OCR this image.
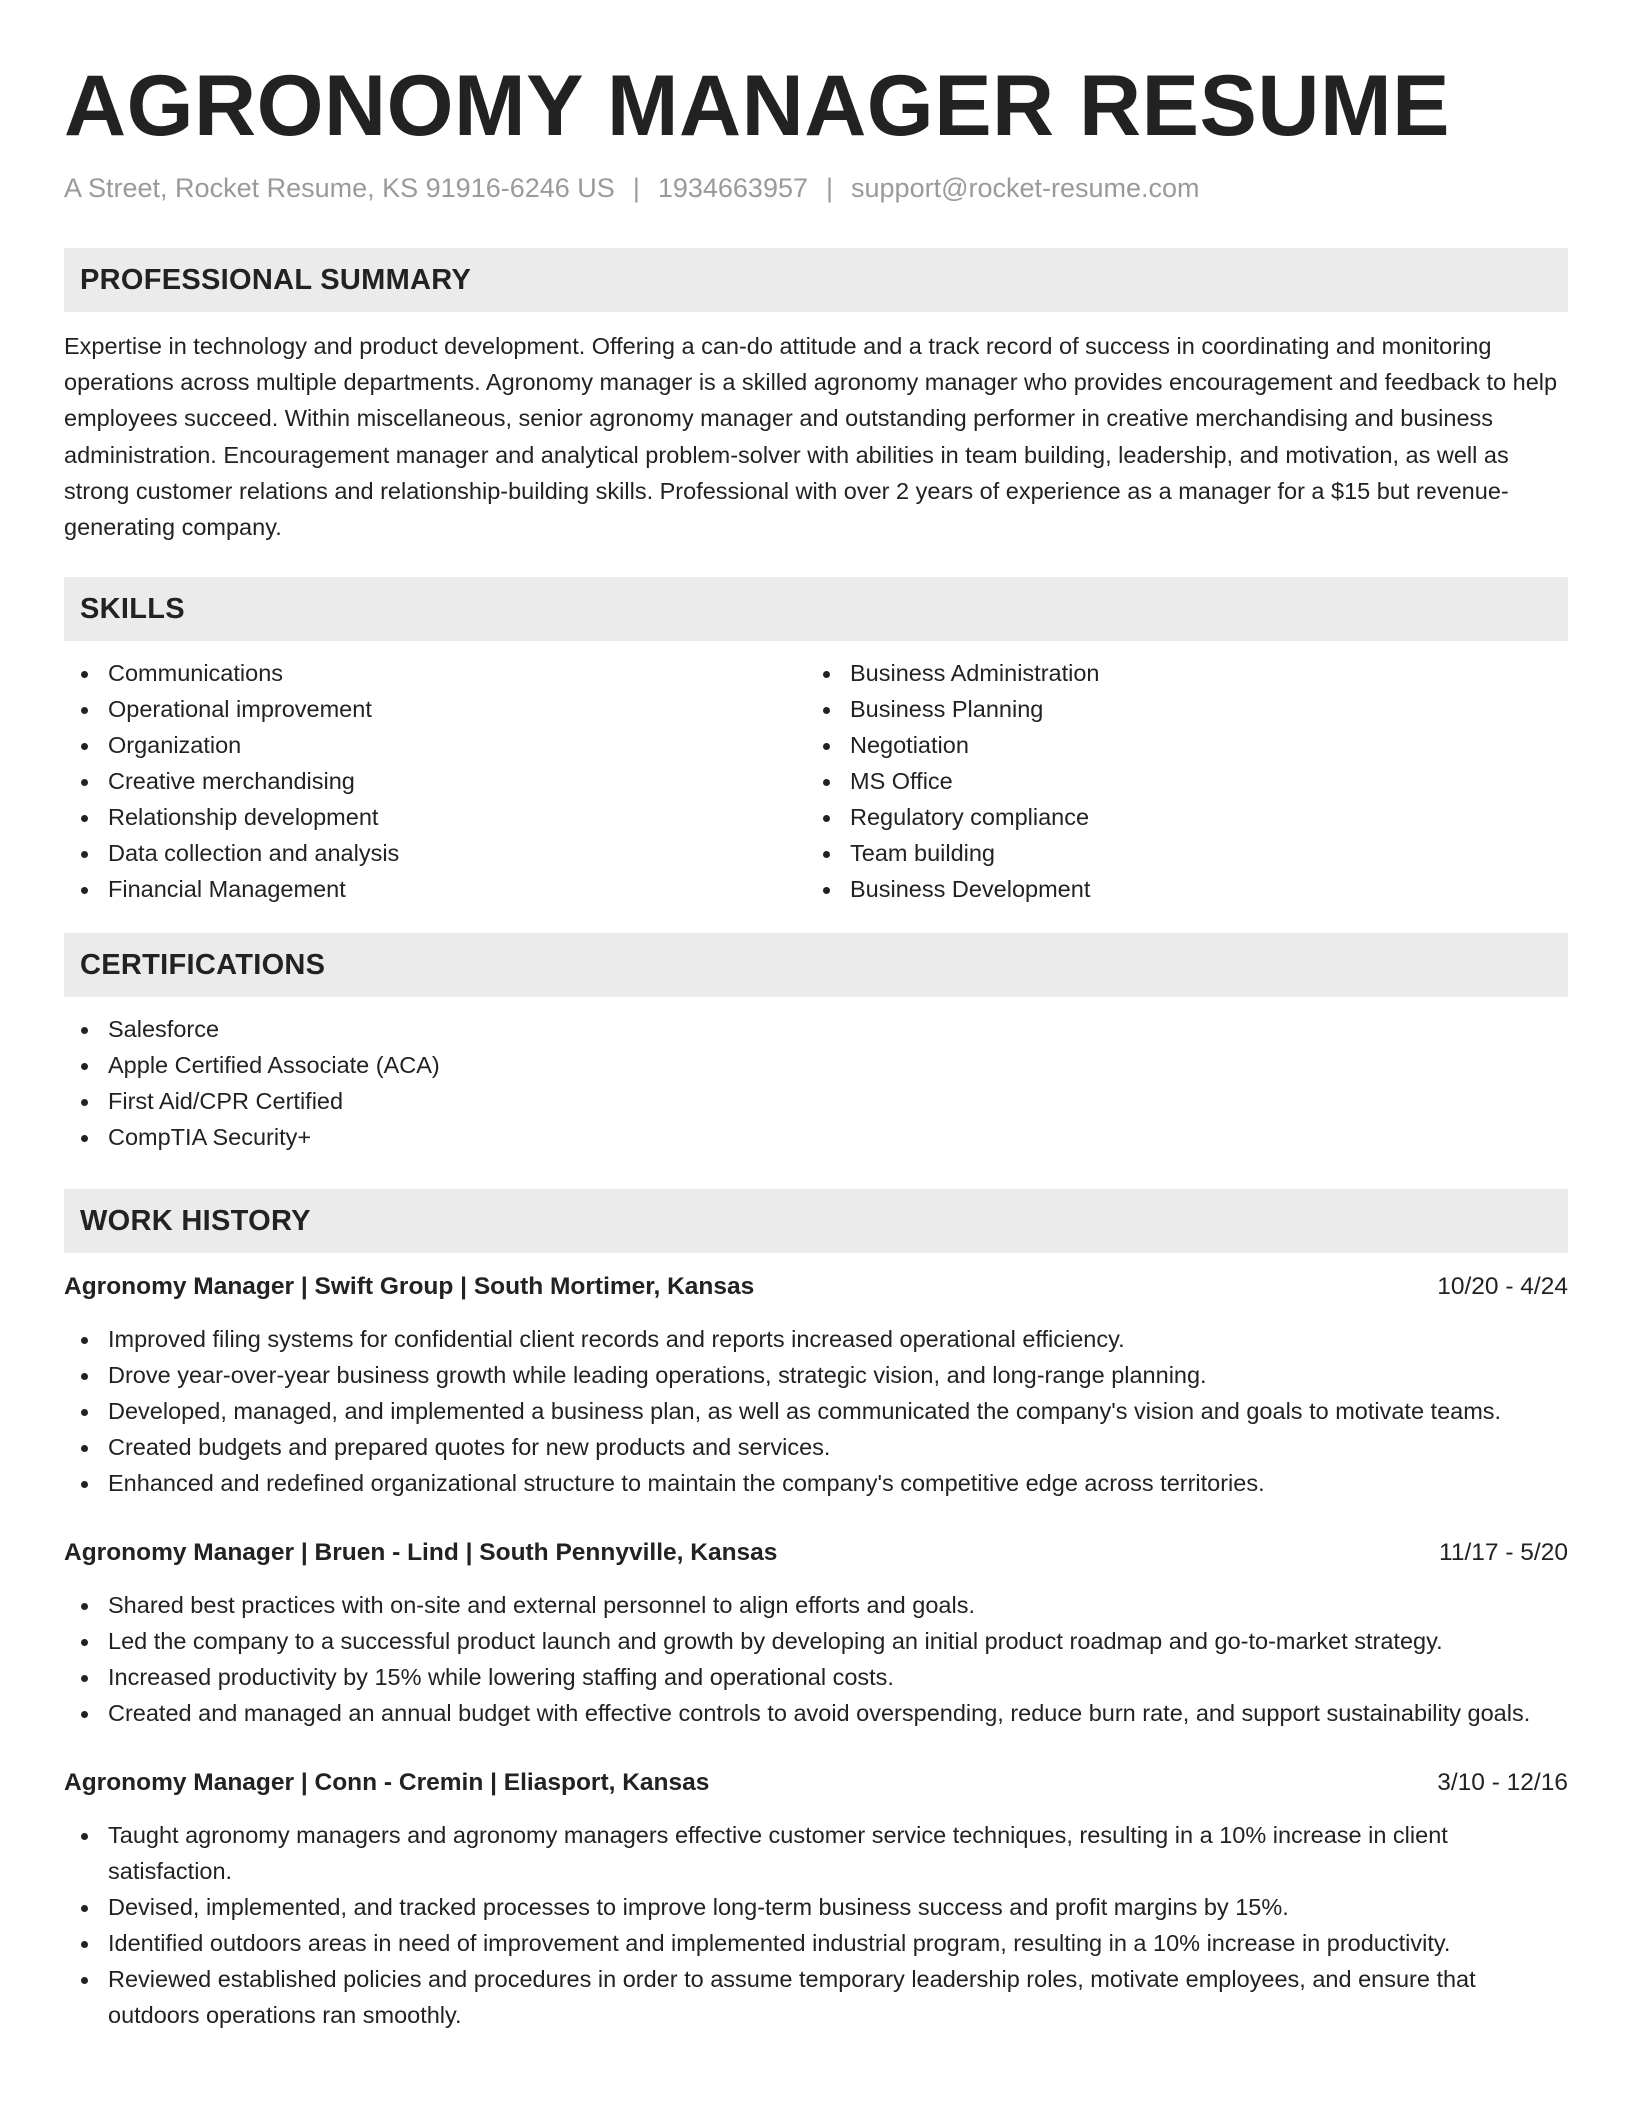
AGRONOMY MANAGER RESUME
A Street, Rocket Resume, KS 91916-6246 US | 1934663957 | support@rocket-resume.com
PROFESSIONAL SUMMARY

Expertise in technology and product development. Offering a can-do attitude and a track record of success in coordinating and monitoring operations across multiple departments. Agronomy manager is a skilled agronomy manager who provides encouragement and feedback to help employees succeed. Within miscellaneous, senior agronomy manager and outstanding performer in creative merchandising and business administration. Encouragement manager and analytical problem-solver with abilities in team building, leadership, and motivation, as well as strong customer relations and relationship-building skills. Professional with over 2 years of experience as a manager for a $15 but revenue-generating company.

SKILLS
Communications
Operational improvement
Organization
Creative merchandising
Relationship development
Data collection and analysis
Financial Management
Business Administration
Business Planning
Negotiation
MS Office
Regulatory compliance
Team building
Business Development
CERTIFICATIONS
Salesforce
Apple Certified Associate (ACA)
First Aid/CPR Certified
CompTIA Security+
WORK HISTORY
Agronomy Manager | Swift Group | South Mortimer, Kansas	10/20 - 4/24
Improved filing systems for confidential client records and reports increased operational efficiency.
Drove year-over-year business growth while leading operations, strategic vision, and long-range planning.
Developed, managed, and implemented a business plan, as well as communicated the company's vision and goals to motivate teams.
Created budgets and prepared quotes for new products and services.
Enhanced and redefined organizational structure to maintain the company's competitive edge across territories.
Agronomy Manager | Bruen - Lind | South Pennyville, Kansas	11/17 - 5/20
Shared best practices with on-site and external personnel to align efforts and goals.
Led the company to a successful product launch and growth by developing an initial product roadmap and go-to-market strategy.
Increased productivity by 15% while lowering staffing and operational costs.
Created and managed an annual budget with effective controls to avoid overspending, reduce burn rate, and support sustainability goals.
Agronomy Manager | Conn - Cremin | Eliasport, Kansas	3/10 - 12/16
Taught agronomy managers and agronomy managers effective customer service techniques, resulting in a 10% increase in client satisfaction.
Devised, implemented, and tracked processes to improve long-term business success and profit margins by 15%.
Identified outdoors areas in need of improvement and implemented industrial program, resulting in a 10% increase in productivity.
Reviewed established policies and procedures in order to assume temporary leadership roles, motivate employees, and ensure that outdoors operations ran smoothly.
